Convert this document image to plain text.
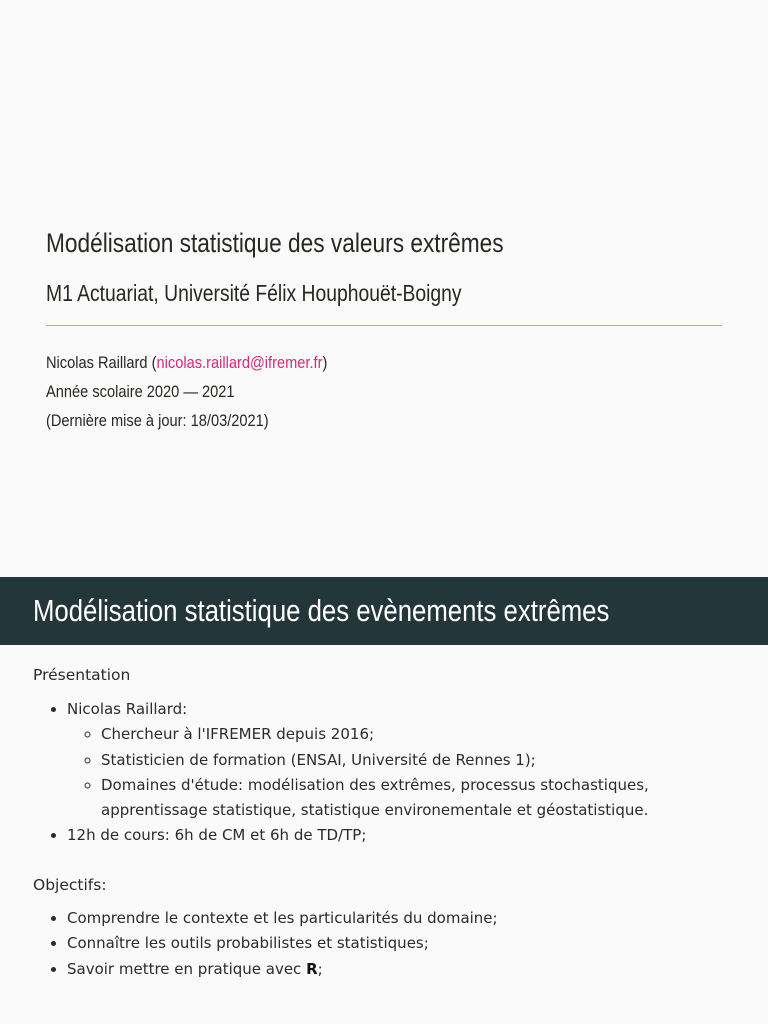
Modélisation statistique des valeurs extrêmes
M1 Actuariat, Université Félix Houphouët-Boigny
Nicolas Raillard (nicolas.raillard@ifremer.fr)
Année scolaire 2020 — 2021
(Dernière mise à jour: 18/03/2021)
Modélisation statistique des evènements extrêmes

Présentation

• Nicolas Raillard:
◦ Chercheur à l'IFREMER depuis 2016;
◦ Statisticien de formation (ENSAI, Université de Rennes 1);
◦ Domaines d'étude: modélisation des extrêmes, processus stochastiques, apprentissage statistique, statistique environementale et géostatistique.
• 12h de cours: 6h de CM et 6h de TD/TP;

Objectifs:

• Comprendre le contexte et les particularités du domaine;
• Connaître les outils probabilistes et statistiques;
• Savoir mettre en pratique avec R;
